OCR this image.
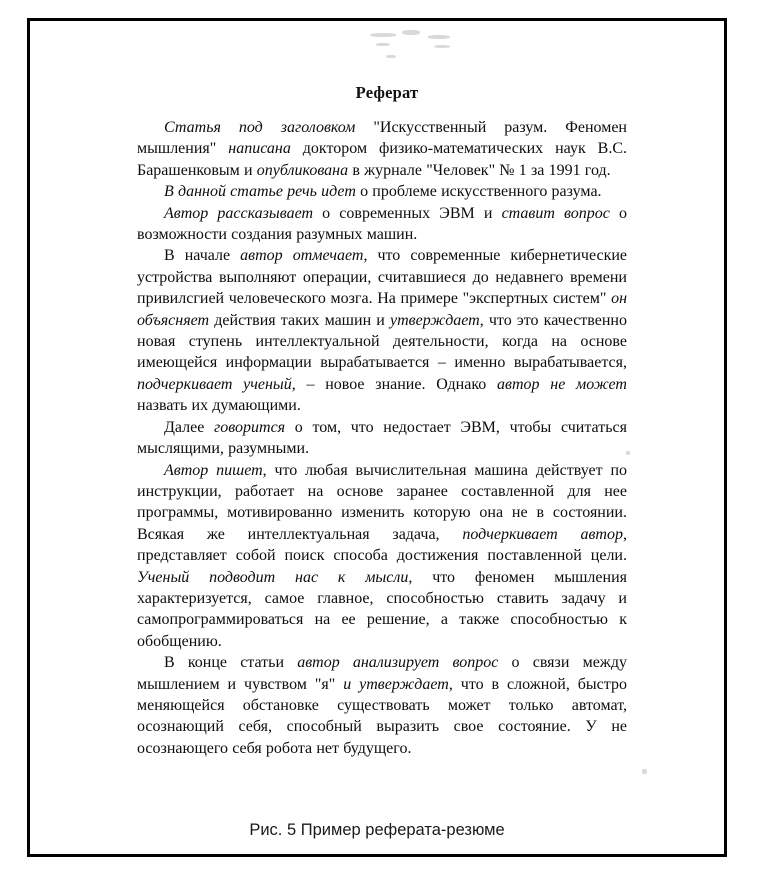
Реферат

Статья под заголовком "Искусственный разум. Феномен мышления" написана доктором физико-математических наук В.С. Барашенковым и опубликована в журнале "Человек" № 1 за 1991 год.

В данной статье речь идет о проблеме искусственного разума.

Автор рассказывает о современных ЭВМ и ставит вопрос о возможности создания разумных машин.

В начале автор отмечает, что современные кибернетические устройства выполняют операции, считавшиеся до недавнего времени привилсгией человеческого мозга. На примере "экспертных систем" он объясняет действия таких машин и утверждает, что это качественно новая ступень интеллектуальной деятельности, когда на основе имеющейся информации вырабатывается – именно вырабатывается, подчеркивает ученый, – новое знание. Однако автор не может назвать их думающими.

Далее говорится о том, что недостает ЭВМ, чтобы считаться мыслящими, разумными.

Автор пишет, что любая вычислительная машина действует по инструкции, работает на основе заранее составленной для нее программы, мотивированно изменить которую она не в состоянии. Всякая же интеллектуальная задача, подчеркивает автор, представляет собой поиск способа достижения поставленной цели. Ученый подводит нас к мысли, что феномен мышления характеризуется, самое главное, способностью ставить задачу и самопрограммироваться на ее решение, а также способностью к обобщению.

В конце статьи автор анализирует вопрос о связи между мышлением и чувством "я" и утверждает, что в сложной, быстро меняющейся обстановке существовать может только автомат, осознающий себя, способный выразить свое состояние. У не осознающего себя робота нет будущего.

Рис. 5 Пример реферата-резюме
